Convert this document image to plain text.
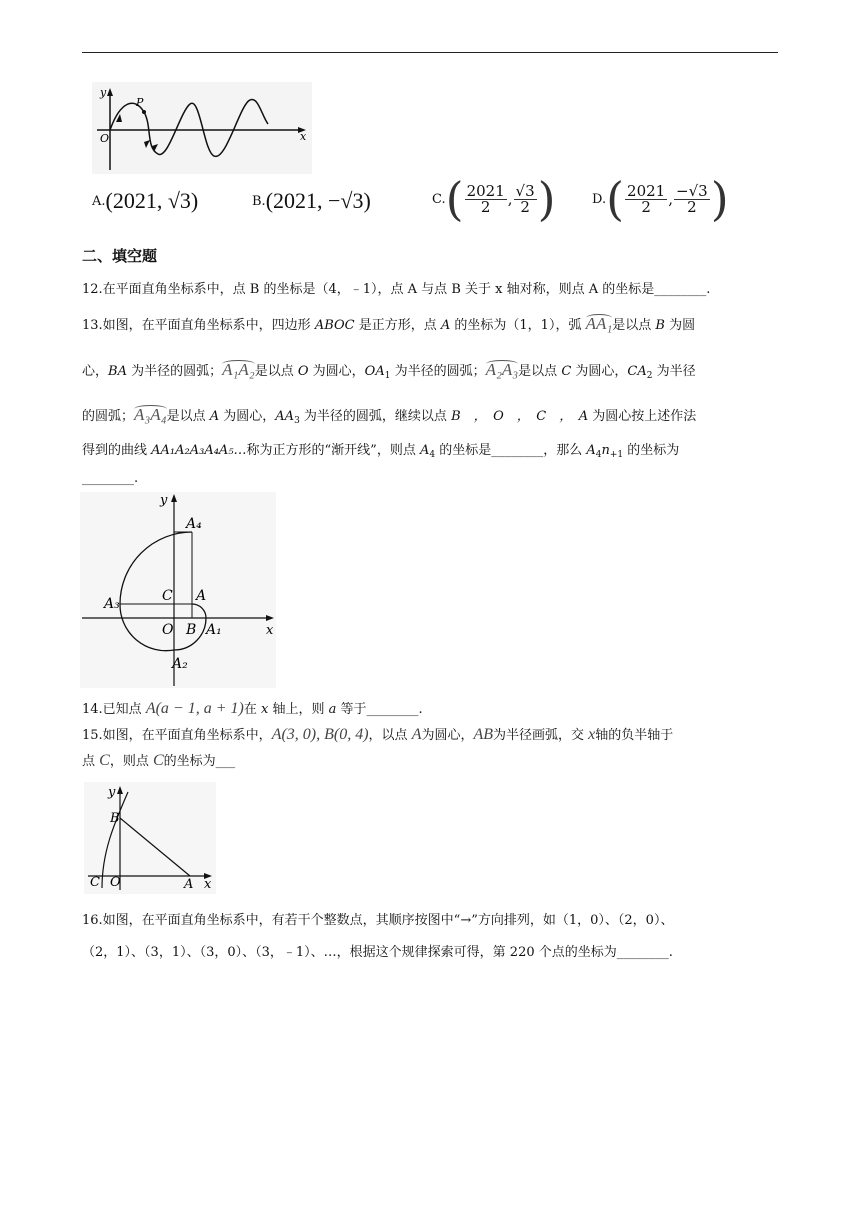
y
x
O
P
A. (2021, √3)	B. (2021, −√3)	C. ( $\frac{2021}{2}$ , $\frac{√3}{2}$ )	D. ( $\frac{2021}{2}$ , $\frac{-√3}{2}$ )
二、填空题
12.在平面直角坐标系中，点 B 的坐标是（4，﹣1），点 A 与点 B 关于 x 轴对称，则点 A 的坐标是________.
13.如图，在平面直角坐标系中，四边形 ABOC 是正方形，点 A 的坐标为（1，1），弧 AA₁是以点 B 为圆
心，BA 为半径的圆弧；A₁A₂是以点 O 为圆心，$OA_1$ 为半径的圆弧；A₂A₃是以点 C 为圆心，$CA_2$ 为半径
的圆弧；A₃A₄是以点 A 为圆心，$AA_3$ 为半径的圆弧，继续以点 B　，　O　，　C　，　A 为圆心按上述作法
得到的曲线 AA₁A₂A₃A₄A₅…称为正方形的“渐开线”，则点 $A_4$ 的坐标是________，那么 $A_4n_{+1}$ 的坐标为
________.
y
x
O
A
B
C
A₁
A₂
A₃
A₄
14.已知点 A(a − 1, a + 1)在 x 轴上，则 a 等于________.
15.如图，在平面直角坐标系中，A(3, 0), B(0, 4)，以点 A为圆心，AB为半径画弧，交 x轴的负半轴于
点 C，则点 C的坐标为___
y
x
O	A
B
C
16.如图，在平面直角坐标系中，有若干个整数点，其顺序按图中“→”方向排列，如（1，0）、（2，0）、
（2，1）、（3，1）、（3，0）、（3，﹣1）、…，根据这个规律探索可得，第 220 个点的坐标为________.
